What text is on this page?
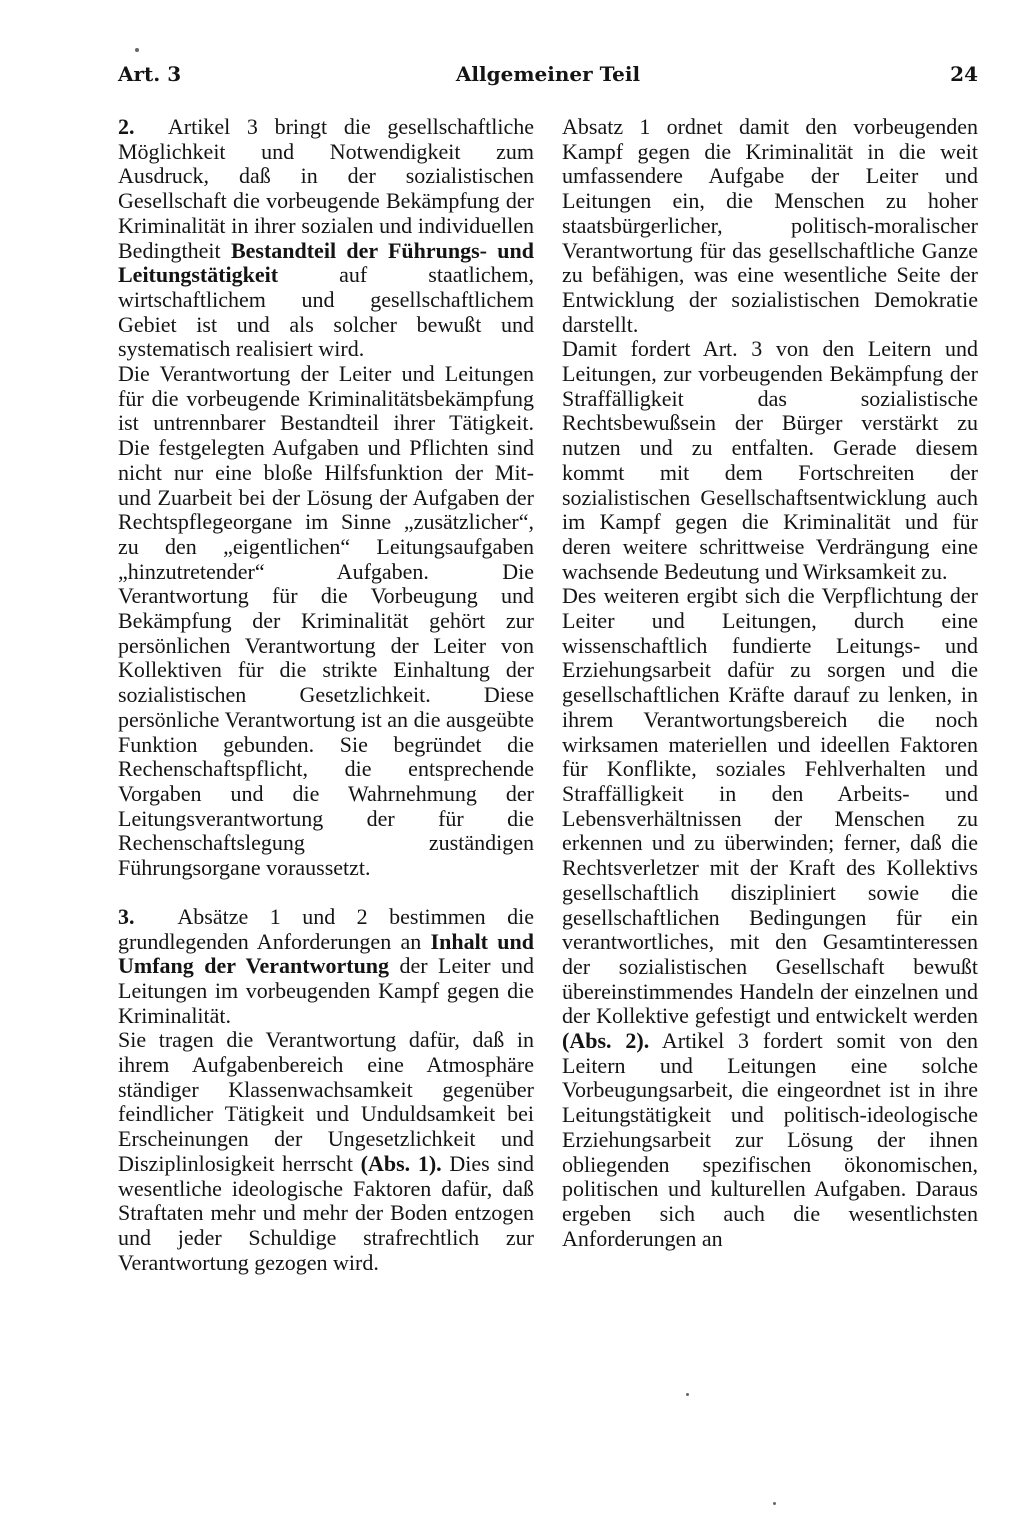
Art. 3	Allgemeiner Teil	24

2. Artikel 3 bringt die gesellschaftliche Möglichkeit und Notwendigkeit zum Ausdruck, daß in der sozialistischen Gesellschaft die vorbeugende Bekämpfung der Kriminalität in ihrer sozialen und individuellen Bedingtheit Bestandteil der Führungs- und Leitungstätigkeit	auf staatlichem, wirtschaftlichem und gesellschaftlichem Gebiet ist und als solcher bewußt und systematisch realisiert wird.

Die Verantwortung der Leiter und Leitungen für die vorbeugende Kriminalitätsbekämpfung ist untrennbarer Bestandteil ihrer Tätigkeit. Die festgelegten Aufgaben und Pflichten sind nicht nur eine bloße Hilfsfunktion der Mit- und Zuarbeit bei der Lösung der Aufgaben der Rechtspflegeorgane im Sinne „zusätzlicher“, zu den „eigentlichen“ Leitungsaufgaben „hinzutretender“ Aufgaben. Die Verantwortung für die Vorbeugung und Bekämpfung der Kriminalität gehört zur persönlichen Verantwortung der Leiter von Kollektiven für die strikte Einhaltung der sozialistischen Gesetzlichkeit. Diese persönliche Verantwortung ist an die ausgeübte Funktion gebunden. Sie begründet die Rechenschaftspflicht, die entsprechende Vorgaben und die Wahrnehmung der Leitungsverantwortung der für die Rechenschaftslegung zuständigen Führungsorgane voraussetzt.

3. Absätze 1 und 2 bestimmen die grundlegenden Anforderungen an Inhalt und Umfang der Verantwortung der Leiter und Leitungen im vorbeugenden Kampf gegen die Kriminalität.

Sie tragen die Verantwortung dafür, daß in ihrem Aufgabenbereich eine Atmosphäre ständiger Klassenwachsamkeit gegenüber feindlicher Tätigkeit und Unduldsamkeit bei Erscheinungen der Ungesetzlichkeit und Disziplinlosigkeit herrscht (Abs. 1). Dies sind wesentliche ideologische Faktoren dafür, daß Straftaten mehr und mehr der Boden entzogen und jeder Schuldige strafrechtlich zur Verantwortung gezogen wird.

Absatz 1 ordnet damit den vorbeugenden Kampf gegen die Kriminalität in die weit umfassendere Aufgabe der Leiter und Leitungen ein, die Menschen zu hoher staatsbürgerlicher, politisch-moralischer Verantwortung für das gesellschaftliche Ganze zu befähigen, was eine wesentliche Seite der Entwicklung der sozialistischen Demokratie darstellt.

Damit fordert Art. 3 von den Leitern und Leitungen, zur vorbeugenden Bekämpfung der Straffälligkeit das sozialistische Rechtsbewußsein der Bürger verstärkt zu nutzen und zu entfalten. Gerade diesem kommt mit dem Fortschreiten der sozialistischen Gesellschaftsentwicklung auch im Kampf gegen die Kriminalität und für deren weitere schrittweise Verdrängung eine wachsende Bedeutung und Wirksamkeit zu.

Des weiteren ergibt sich die Verpflichtung der Leiter und Leitungen, durch eine wissenschaftlich fundierte Leitungs- und Erziehungsarbeit dafür zu sorgen und die gesellschaftlichen Kräfte darauf zu lenken, in ihrem Verantwortungsbereich die noch wirksamen materiellen und ideellen Faktoren für Konflikte, soziales Fehlverhalten und Straffälligkeit in den Arbeits- und Lebensverhältnissen der Menschen zu erkennen und zu überwinden; ferner, daß die Rechtsverletzer mit der Kraft des Kollektivs gesellschaftlich diszipliniert sowie die gesellschaftlichen Bedingungen für ein verantwortliches, mit den Gesamtinteressen der sozialistischen Gesellschaft bewußt übereinstimmendes Handeln der einzelnen und der Kollektive gefestigt und entwickelt werden (Abs. 2). Artikel 3 fordert somit von den Leitern und Leitungen eine solche Vorbeugungsarbeit, die eingeordnet ist in ihre Leitungstätigkeit und politisch-ideologische Erziehungsarbeit zur Lösung der ihnen obliegenden spezifischen ökonomischen, politischen und kulturellen Aufgaben. Daraus ergeben sich auch die wesentlichsten Anforderungen an
